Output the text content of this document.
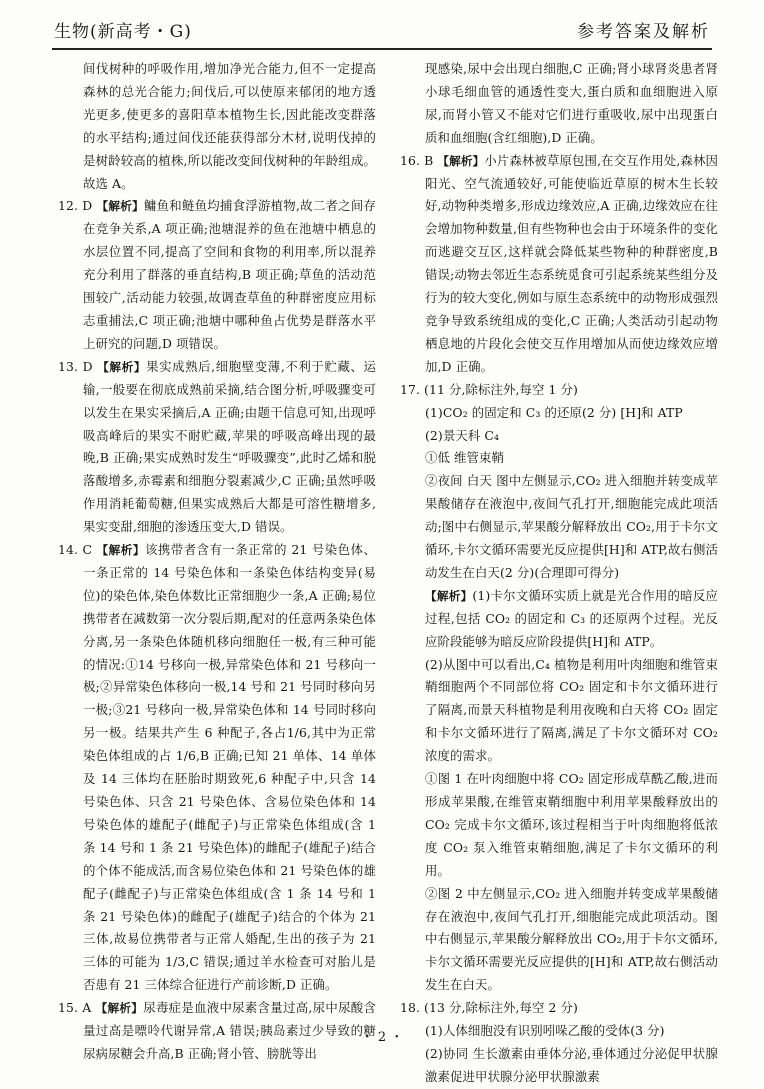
生物(新高考・G)	参考答案及解析

间伐树种的呼吸作用,增加净光合能力,但不一定提高森林的总光合能力;间伐后,可以使原来郁闭的地方透光更多,使更多的喜阳草本植物生长,因此能改变群落的水平结构;通过间伐还能获得部分木材,说明伐掉的是树龄较高的植株,所以能改变间伐树种的年龄组成。故选 A。

12. D 【解析】鳙鱼和鲢鱼均捕食浮游植物,故二者之间存在竞争关系,A 项正确;池塘混养的鱼在池塘中栖息的水层位置不同,提高了空间和食物的利用率,所以混养充分利用了群落的垂直结构,B 项正确;草鱼的活动范围较广,活动能力较强,故调查草鱼的种群密度应用标志重捕法,C 项正确;池塘中哪种鱼占优势是群落水平上研究的问题,D 项错误。

13. D 【解析】果实成熟后,细胞壁变薄,不利于贮藏、运输,一般要在彻底成熟前采摘,结合图分析,呼吸骤变可以发生在果实采摘后,A 正确;由题干信息可知,出现呼吸高峰后的果实不耐贮藏,苹果的呼吸高峰出现的最晚,B 正确;果实成熟时发生“呼吸骤变”,此时乙烯和脱落酸增多,赤霉素和细胞分裂素减少,C 正确;虽然呼吸作用消耗葡萄糖,但果实成熟后大都是可溶性糖增多,果实变甜,细胞的渗透压变大,D 错误。

14. C 【解析】该携带者含有一条正常的 21 号染色体、一条正常的 14 号染色体和一条染色体结构变异(易位)的染色体,染色体数比正常细胞少一条,A 正确;易位携带者在减数第一次分裂后期,配对的任意两条染色体分离,另一条染色体随机移向细胞任一极,有三种可能的情况:①14 号移向一极,异常染色体和 21 号移向一极;②异常染色体移向一极,14 号和 21 号同时移向另一极;③21 号移向一极,异常染色体和 14 号同时移向另一极。结果共产生 6 种配子,各占1/6,其中为正常染色体组成的占 1/6,B 正确;已知 21 单体、14 单体及 14 三体均在胚胎时期致死,6 种配子中,只含 14 号染色体、只含 21 号染色体、含易位染色体和 14 号染色体的雄配子(雌配子)与正常染色体组成(含 1 条 14 号和 1 条 21 号染色体)的雌配子(雄配子)结合的个体不能成活,而含易位染色体和 21 号染色体的雄配子(雌配子)与正常染色体组成(含 1 条 14 号和 1 条 21 号染色体)的雌配子(雄配子)结合的个体为 21 三体,故易位携带者与正常人婚配,生出的孩子为 21 三体的可能为 1/3,C 错误;通过羊水检查可对胎儿是否患有 21 三体综合征进行产前诊断,D 正确。

15. A 【解析】尿毒症是血液中尿素含量过高,尿中尿酸含量过高是嘌呤代谢异常,A 错误;胰岛素过少导致的糖尿病尿糖会升高,B 正确;肾小管、膀胱等出

现感染,尿中会出现白细胞,C 正确;肾小球肾炎患者肾小球毛细血管的通透性变大,蛋白质和血细胞进入原尿,而肾小管又不能对它们进行重吸收,尿中出现蛋白质和血细胞(含红细胞),D 正确。

16. B 【解析】小片森林被草原包围,在交互作用处,森林因阳光、空气流通较好,可能使临近草原的树木生长较好,动物种类增多,形成边缘效应,A 正确,边缘效应在往会增加物种数量,但有些物种也会由于环境条件的变化而逃避交互区,这样就会降低某些物种的种群密度,B 错误;动物去邻近生态系统觅食可引起系统某些组分及行为的较大变化,例如与原生态系统中的动物形成强烈竞争导致系统组成的变化,C 正确;人类活动引起动物栖息地的片段化会使交互作用增加从而使边缘效应增加,D 正确。

17. (11 分,除标注外,每空 1 分)

(1)CO₂ 的固定和 C₃ 的还原(2 分) [H]和 ATP

(2)景天科 C₄

①低 维管束鞘

②夜间 白天 图中左侧显示,CO₂ 进入细胞并转变成苹果酸储存在液泡中,夜间气孔打开,细胞能完成此项活动;图中右侧显示,苹果酸分解释放出 CO₂,用于卡尔文循环,卡尔文循环需要光反应提供[H]和 ATP,故右侧活动发生在白天(2 分)(合理即可得分)

【解析】(1)卡尔文循环实质上就是光合作用的暗反应过程,包括 CO₂ 的固定和 C₃ 的还原两个过程。光反应阶段能够为暗反应阶段提供[H]和 ATP。

(2)从图中可以看出,C₄ 植物是利用叶肉细胞和维管束鞘细胞两个不同部位将 CO₂ 固定和卡尔文循环进行了隔离,而景天科植物是利用夜晚和白天将 CO₂ 固定和卡尔文循环进行了隔离,满足了卡尔文循环对 CO₂ 浓度的需求。

①图 1 在叶肉细胞中将 CO₂ 固定形成草酰乙酸,进而形成苹果酸,在维管束鞘细胞中利用苹果酸释放出的 CO₂ 完成卡尔文循环,该过程相当于叶肉细胞将低浓度 CO₂ 泵入维管束鞘细胞,满足了卡尔文循环的利用。

②图 2 中左侧显示,CO₂ 进入细胞并转变成苹果酸储存在液泡中,夜间气孔打开,细胞能完成此项活动。图中右侧显示,苹果酸分解释放出 CO₂,用于卡尔文循环,卡尔文循环需要光反应提供的[H]和 ATP,故右侧活动发生在白天。

18. (13 分,除标注外,每空 2 分)

(1)人体细胞没有识别吲哚乙酸的受体(3 分)

(2)协同 生长激素由垂体分泌,垂体通过分泌促甲状腺激素促进甲状腺分泌甲状腺激素

・ 2 ・
